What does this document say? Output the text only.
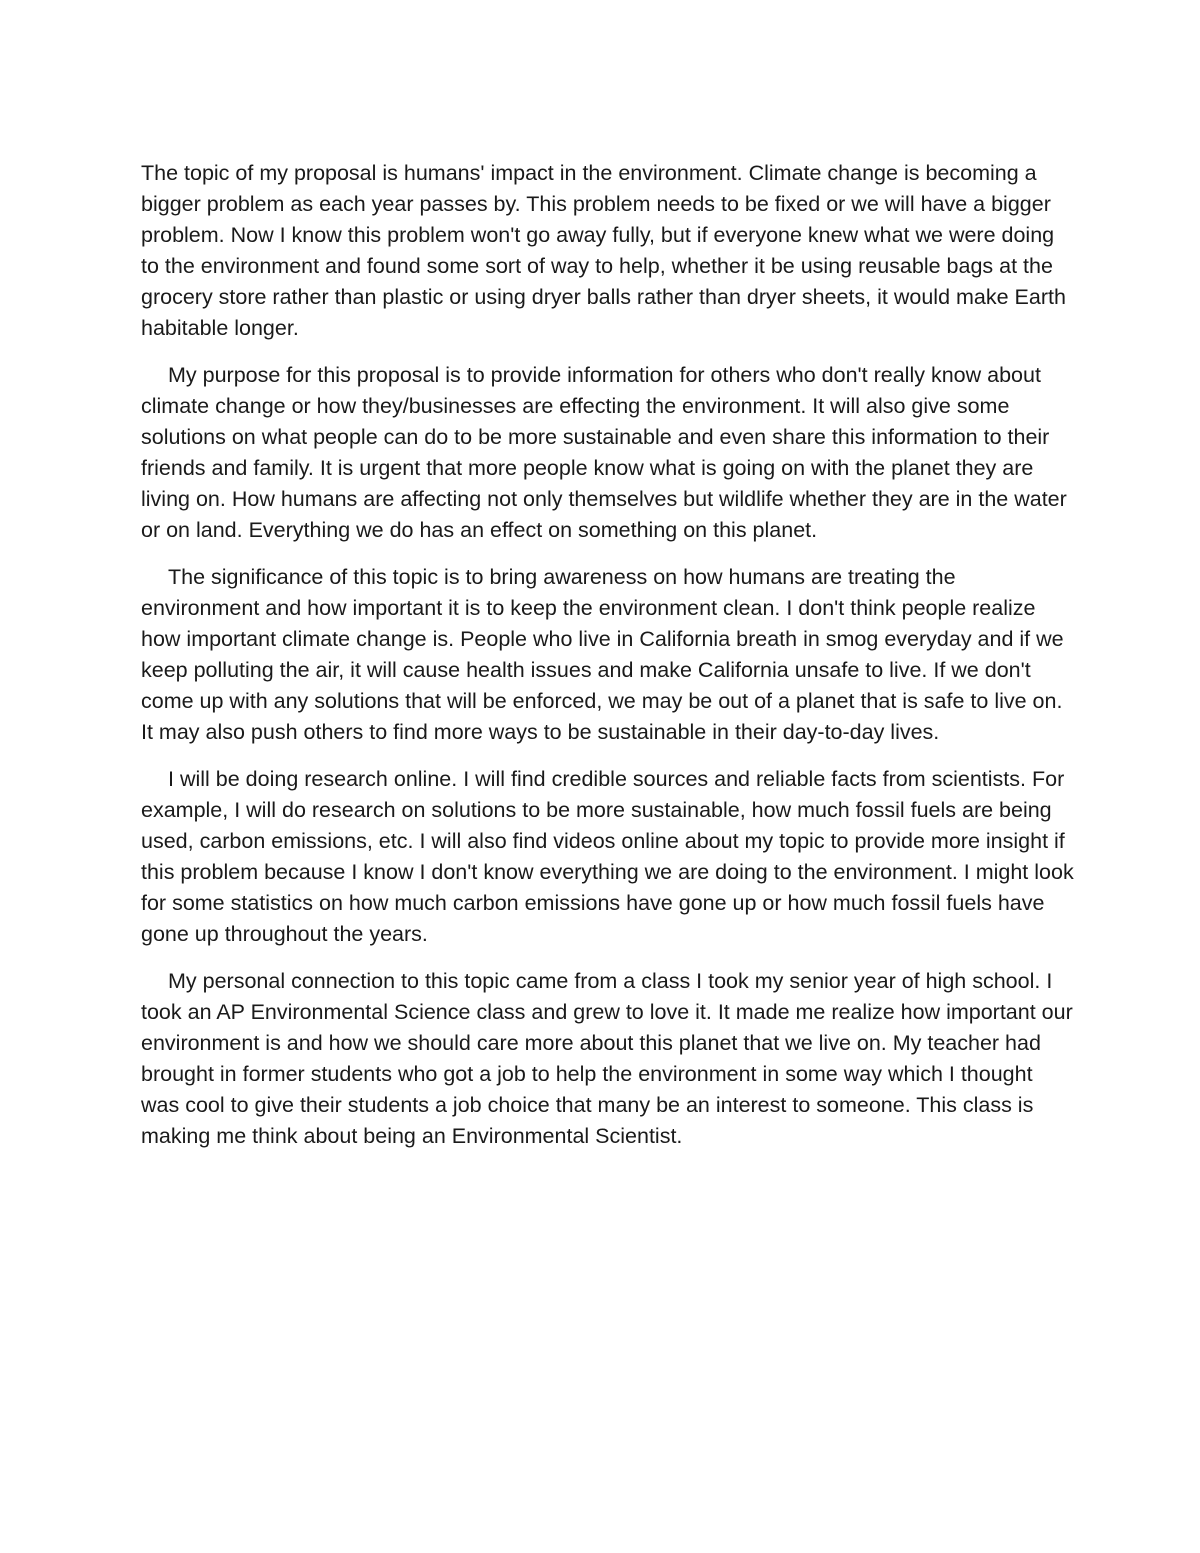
The topic of my proposal is humans' impact in the environment. Climate change is becoming a bigger problem as each year passes by. This problem needs to be fixed or we will have a bigger problem. Now I know this problem won't go away fully, but if everyone knew what we were doing to the environment and found some sort of way to help, whether it be using reusable bags at the grocery store rather than plastic or using dryer balls rather than dryer sheets, it would make Earth habitable longer.

My purpose for this proposal is to provide information for others who don't really know about climate change or how they/businesses are effecting the environment. It will also give some solutions on what people can do to be more sustainable and even share this information to their friends and family. It is urgent that more people know what is going on with the planet they are living on. How humans are affecting not only themselves but wildlife whether they are in the water or on land. Everything we do has an effect on something on this planet.

The significance of this topic is to bring awareness on how humans are treating the environment and how important it is to keep the environment clean. I don't think people realize how important climate change is. People who live in California breath in smog everyday and if we keep polluting the air, it will cause health issues and make California unsafe to live. If we don't come up with any solutions that will be enforced, we may be out of a planet that is safe to live on. It may also push others to find more ways to be sustainable in their day-to-day lives.

I will be doing research online. I will find credible sources and reliable facts from scientists. For example, I will do research on solutions to be more sustainable, how much fossil fuels are being used, carbon emissions, etc. I will also find videos online about my topic to provide more insight if this problem because I know I don't know everything we are doing to the environment. I might look for some statistics on how much carbon emissions have gone up or how much fossil fuels have gone up throughout the years.

My personal connection to this topic came from a class I took my senior year of high school. I took an AP Environmental Science class and grew to love it. It made me realize how important our environment is and how we should care more about this planet that we live on. My teacher had brought in former students who got a job to help the environment in some way which I thought was cool to give their students a job choice that many be an interest to someone. This class is making me think about being an Environmental Scientist.
